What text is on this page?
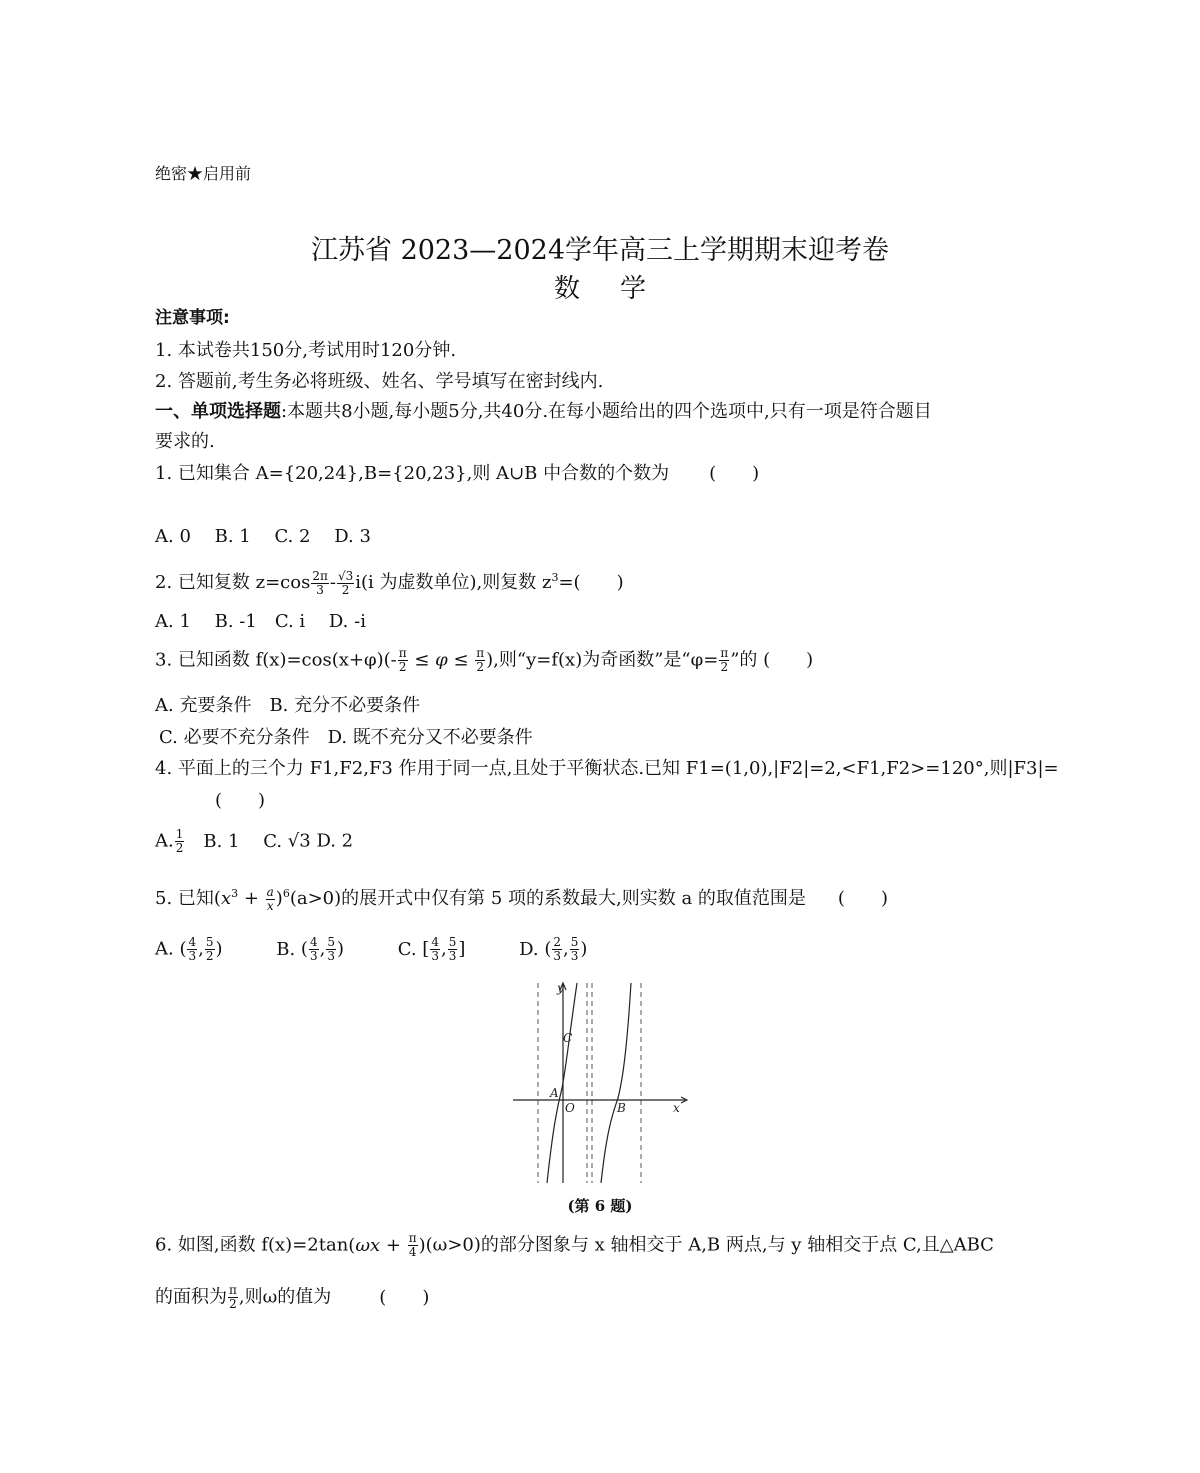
绝密★启用前
江苏省 2023—2024学年高三上学期期末迎考卷
数学
注意事项:
1. 本试卷共150分,考试用时120分钟.
2. 答题前,考生务必将班级、姓名、学号填写在密封线内.
一、单项选择题:本题共8小题,每小题5分,共40分.在每小题给出的四个选项中,只有一项是符合题目
要求的.
1. 已知集合 A={20,24},B={20,23},则 A∪B 中合数的个数为 (　　)
A. 0　 B. 1　 C. 2　 D. 3
2. 已知复数 $z=\cos \frac{2\pi}{3} - \frac{√3}{2} i(i$ 为虚数单位),则复数 $z^3=$(　　)
A. 1　 B. -1　C. i　 D. -i
3. 已知函数 $f(x)=\cos(x+\varphi)(- \frac{\pi}{2} \le \varphi \le \frac{\pi}{2}$ ),则“y=f(x)为奇函数”是“$\varphi= \frac{\pi}{2}$ ”的 (　　)
A. 充要条件　B. 充分不必要条件
C. 必要不充分条件　D. 既不充分又不必要条件
4. 平面上的三个力 F1,F2,F3 作用于同一点,且处于平衡状态.已知 F1=(1,0),|F2|=2,<F1,F2>=120°,则|F3|=
(　　)
A. $\frac{1}{2} B$. 1　 C. √3 D. 2
5. 已知$(x^3 + \frac{a}{x} )^6(a>0)$的展开式中仅有第 5 项的系数最大,则实数 a 的取值范围是 (　　)
A. ( $\frac{4}{3}$ , $\frac{5}{2}$ )	B. ( $\frac{4}{3}$ , $\frac{5}{3}$ )	C. [ $\frac{4}{3}$ , $\frac{5}{3}$ ]	D. ( $\frac{2}{3}$ , $\frac{5}{3}$ )
y
x
O
A
B
C
(第 6 题)
6. 如图,函数 $f(x)=2\tan(\omega x + \frac{\pi}{4} )(\omega>0)$的部分图象与 x 轴相交于 A,B 两点,与 y 轴相交于点 C,且△ABC
的面积为 $\frac{\pi}{2}$ ,则ω的值为	(　　)
